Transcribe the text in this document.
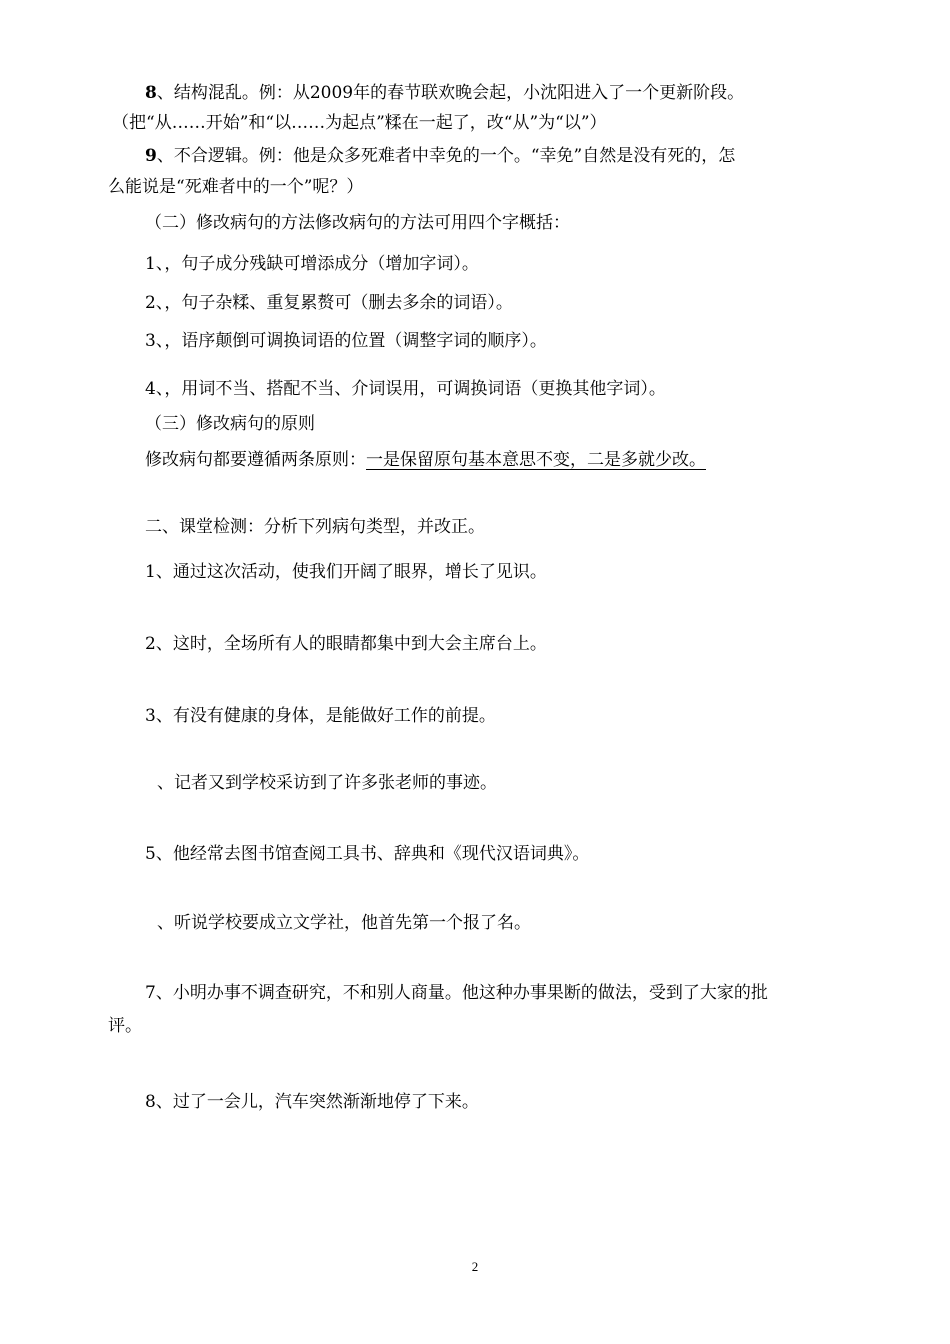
8、结构混乱。例：从2009年的春节联欢晚会起，小沈阳进入了一个更新阶段。
（把“从……开始”和“以……为起点”糅在一起了，改“从”为“以”）
9、不合逻辑。例：他是众多死难者中幸免的一个。“幸免”自然是没有死的，怎
么能说是“死难者中的一个”呢？）
（二）修改病句的方法修改病句的方法可用四个字概括：
1、，句子成分残缺可增添成分（增加字词）。
2、，句子杂糅、重复累赘可（删去多余的词语）。
3、，语序颠倒可调换词语的位置（调整字词的顺序）。
4、，用词不当、搭配不当、介词误用，可调换词语（更换其他字词）。
（三）修改病句的原则
修改病句都要遵循两条原则：一是保留原句基本意思不变，二是多就少改。
二、课堂检测：分析下列病句类型，并改正。
1、通过这次活动，使我们开阔了眼界，增长了见识。
2、这时，全场所有人的眼睛都集中到大会主席台上。
3、有没有健康的身体，是能做好工作的前提。
、记者又到学校采访到了许多张老师的事迹。
5、他经常去图书馆查阅工具书、辞典和《现代汉语词典》。
、听说学校要成立文学社，他首先第一个报了名。
7、小明办事不调查研究，不和别人商量。他这种办事果断的做法，受到了大家的批
评。
8、过了一会儿，汽车突然渐渐地停了下来。
2
